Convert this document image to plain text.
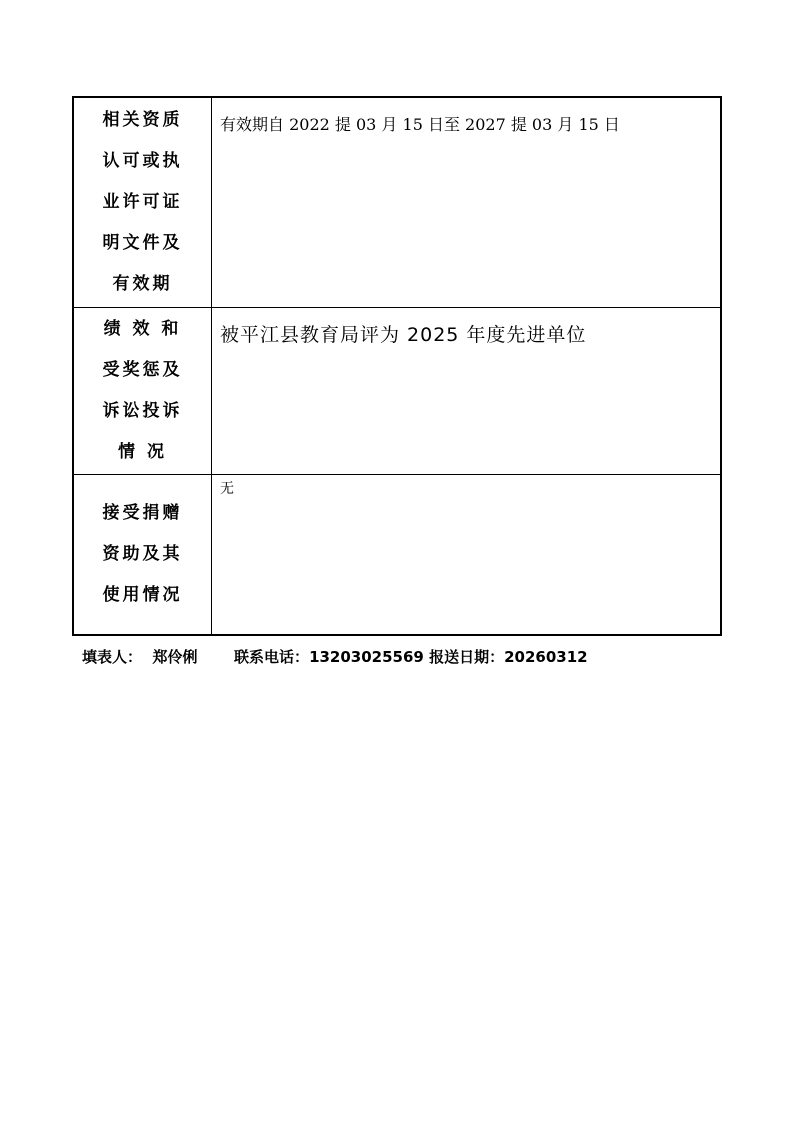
相关资质
认可或执
业许可证
明文件及
有效期	有效期自 2022 提 03 月 15 日至 2027 提 03 月 15 日

绩 效 和
受奖惩及
诉讼投诉
情 况	被平江县教育局评为 2025 年度先进单位

接受捐赠
资助及其
使用情况	无
填表人： 郑伶俐 联系电话：13203025569 报送日期：20260312
